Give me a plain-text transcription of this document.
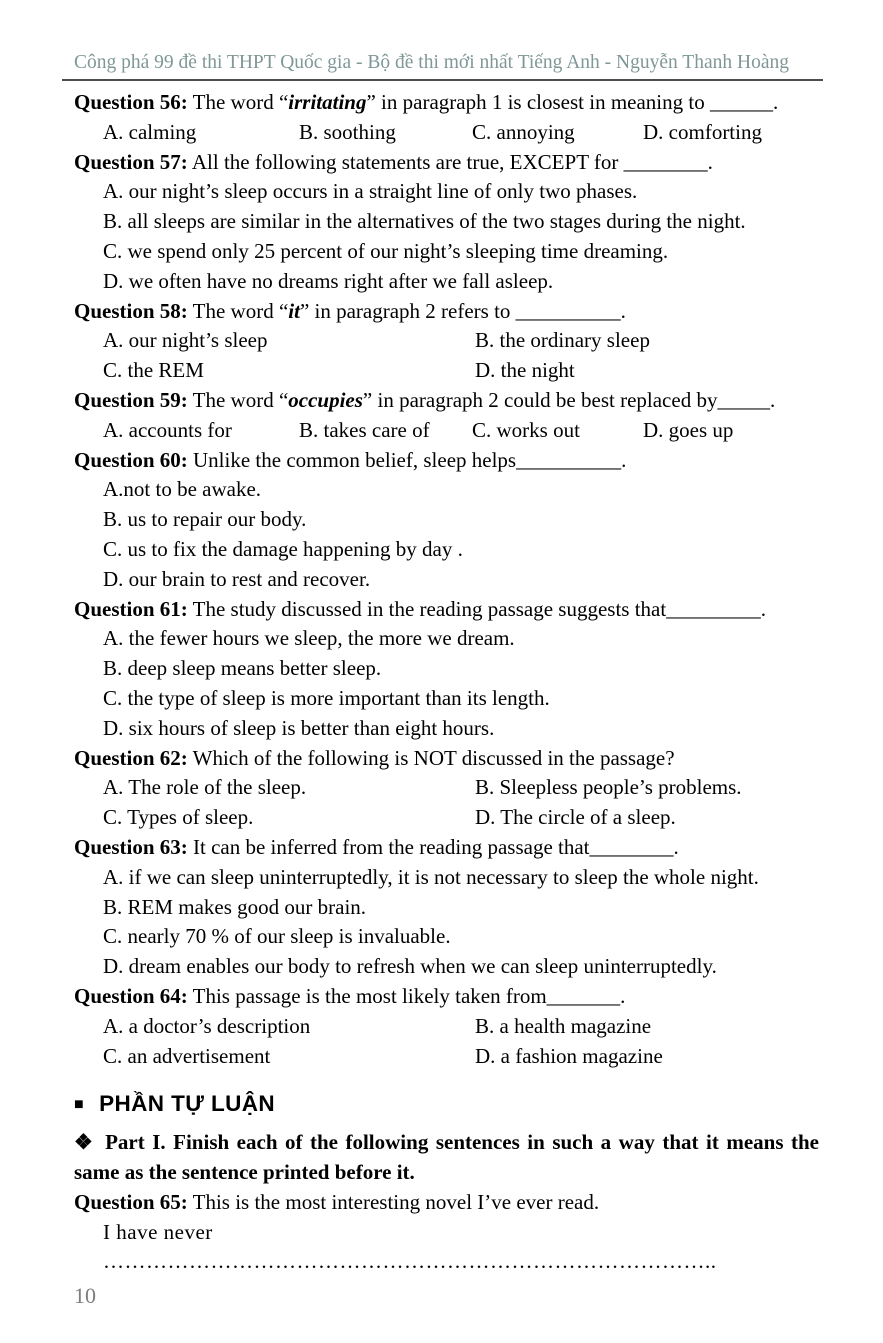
Công phá 99 đề thi THPT Quốc gia - Bộ đề thi mới nhất Tiếng Anh - Nguyễn Thanh Hoàng
Question 56: The word “irritating” in paragraph 1 is closest in meaning to ______.
A. calming	B. soothing	C. annoying	D. comforting
Question 57: All the following statements are true, EXCEPT for ________.
A. our night’s sleep occurs in a straight line of only two phases.
B. all sleeps are similar in the alternatives of the two stages during the night.
C. we spend only 25 percent of our night’s sleeping time dreaming.
D. we often have no dreams right after we fall asleep.
Question 58: The word “it” in paragraph 2 refers to __________.
A. our night’s sleep	B. the ordinary sleep
C. the REM	D. the night
Question 59: The word “occupies” in paragraph 2 could be best replaced by_____.
A. accounts for	B. takes care of	C. works out	D. goes up
Question 60: Unlike the common belief, sleep helps__________.
A.not to be awake.
B. us to repair our body.
C. us to fix the damage happening by day .
D. our brain to rest and recover.
Question 61: The study discussed in the reading passage suggests that_________.
A. the fewer hours we sleep, the more we dream.
B. deep sleep means better sleep.
C. the type of sleep is more important than its length.
D. six hours of sleep is better than eight hours.
Question 62: Which of the following is NOT discussed in the passage?
A. The role of the sleep.	B. Sleepless people’s problems.
C. Types of sleep.	D. The circle of a sleep.
Question 63: It can be inferred from the reading passage that________.
A. if we can sleep uninterruptedly, it is not necessary to sleep the whole night.
B. REM makes good our brain.
C. nearly 70 % of our sleep is invaluable.
D. dream enables our body to refresh when we can sleep uninterruptedly.
Question 64: This passage is the most likely taken from_______.
A. a doctor’s description	B. a health magazine
C. an advertisement	D. a fashion magazine
■ PHẦN TỰ LUẬN
❖ Part I. Finish each of the following sentences in such a way that it means the same as the sentence printed before it.
Question 65: This is the most interesting novel I’ve ever read.
I have never …………………………………………………………………………..
10
